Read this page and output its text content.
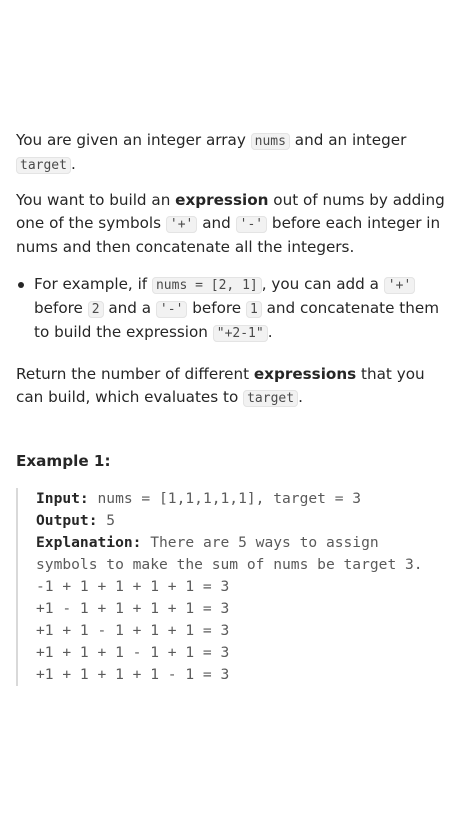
You are given an integer array nums and an integer target .

You want to build an expression out of nums by adding one of the symbols '+' and '-' before each integer in nums and then concatenate all the integers.

For example, if nums = [2, 1] , you can add a '+' before 2 and a '-' before 1 and concatenate them to build the expression "+2-1" .

Return the number of different expressions that you can build, which evaluates to target .

Example 1:
Input: nums = [1,1,1,1,1], target = 3
Output: 5
Explanation: There are 5 ways to assign
symbols to make the sum of nums be target 3.
-1 + 1 + 1 + 1 + 1 = 3
+1 - 1 + 1 + 1 + 1 = 3
+1 + 1 - 1 + 1 + 1 = 3
+1 + 1 + 1 - 1 + 1 = 3
+1 + 1 + 1 + 1 - 1 = 3
